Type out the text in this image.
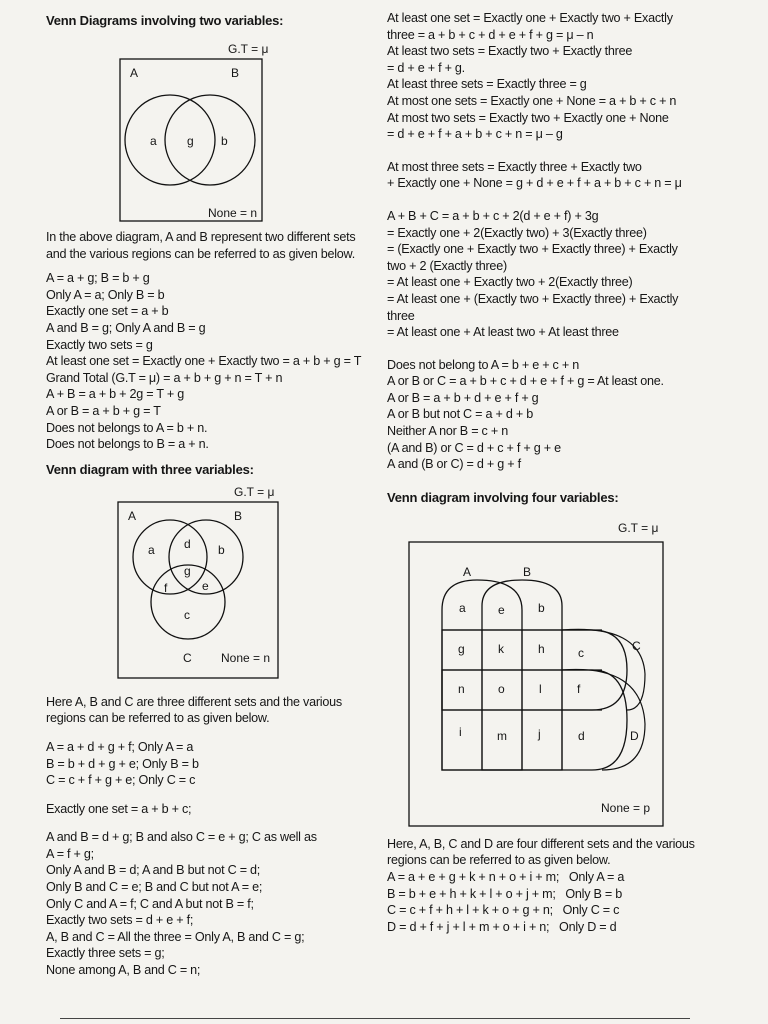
Venn Diagrams involving two variables:
G.T = μ
A	B
a	g b
None = n
In the above diagram, A and B represent two different sets
and the various regions can be referred to as given below.
A = a + g; B = b + g
Only A = a; Only B = b
Exactly one set = a + b
A and B = g; Only A and B = g
Exactly two sets = g
At least one set = Exactly one + Exactly two = a + b + g = T
Grand Total (G.T = μ) = a + b + g + n = T + n
A + B = a + b + 2g = T + g
A or B = a + b + g = T
Does not belongs to A = b + n.
Does not belongs to B = a + n.
Venn diagram with three variables:
G.T = μ
A	B
a d b
g
f	e
c
C None = n
Here A, B and C are three different sets and the various
regions can be referred to as given below.
A = a + d + g + f; Only A = a
B = b + d + g + e; Only B = b
C = c + f + g + e; Only C = c
Exactly one set = a + b + c;
A and B = d + g; B and also C = e + g; C as well as
A = f + g;
Only A and B = d; A and B but not C = d;
Only B and C = e; B and C but not A = e;
Only C and A = f; C and A but not B = f;
Exactly two sets = d + e + f;
A, B and C = All the three = Only A, B and C = g;
Exactly three sets = g;
None among A, B and C = n;
At least one set = Exactly one + Exactly two + Exactly
three = a + b + c + d + e + f + g = μ – n
At least two sets = Exactly two + Exactly three
= d + e + f + g.
At least three sets = Exactly three = g
At most one sets = Exactly one + None = a + b + c + n
At most two sets = Exactly two + Exactly one + None
= d + e + f + a + b + c + n = μ – g
At most three sets = Exactly three + Exactly two
+ Exactly one + None = g + d + e + f + a + b + c + n = μ
A + B + C = a + b + c + 2(d + e + f) + 3g
= Exactly one + 2(Exactly two) + 3(Exactly three)
= (Exactly one + Exactly two + Exactly three) + Exactly
two + 2 (Exactly three)
= At least one + Exactly two + 2(Exactly three)
= At least one + (Exactly two + Exactly three) + Exactly
three
= At least one + At least two + At least three
Does not belong to A = b + e + c + n
A or B or C = a + b + c + d + e + f + g = At least one.
A or B = a + b + d + e + f + g
A or B but not C = a + d + b
Neither A nor B = c + n
(A and B) or C = d + c + f + g + e
A and (B or C) = d + g + f
Venn diagram involving four variables:
G.T = μ
A	B
a	e	b
g	k	h	c
n	o	l	f
i	m	j	d
C
D
None = p
Here, A, B, C and D are four different sets and the various
regions can be referred to as given below.
A = a + e + g + k + n + o + i + m;   Only A = a
B = b + e + h + k + l + o + j + m;   Only B = b
C = c + f + h + l + k + o + g + n;   Only C = c
D = d + f + j + l + m + o + i + n;   Only D = d
